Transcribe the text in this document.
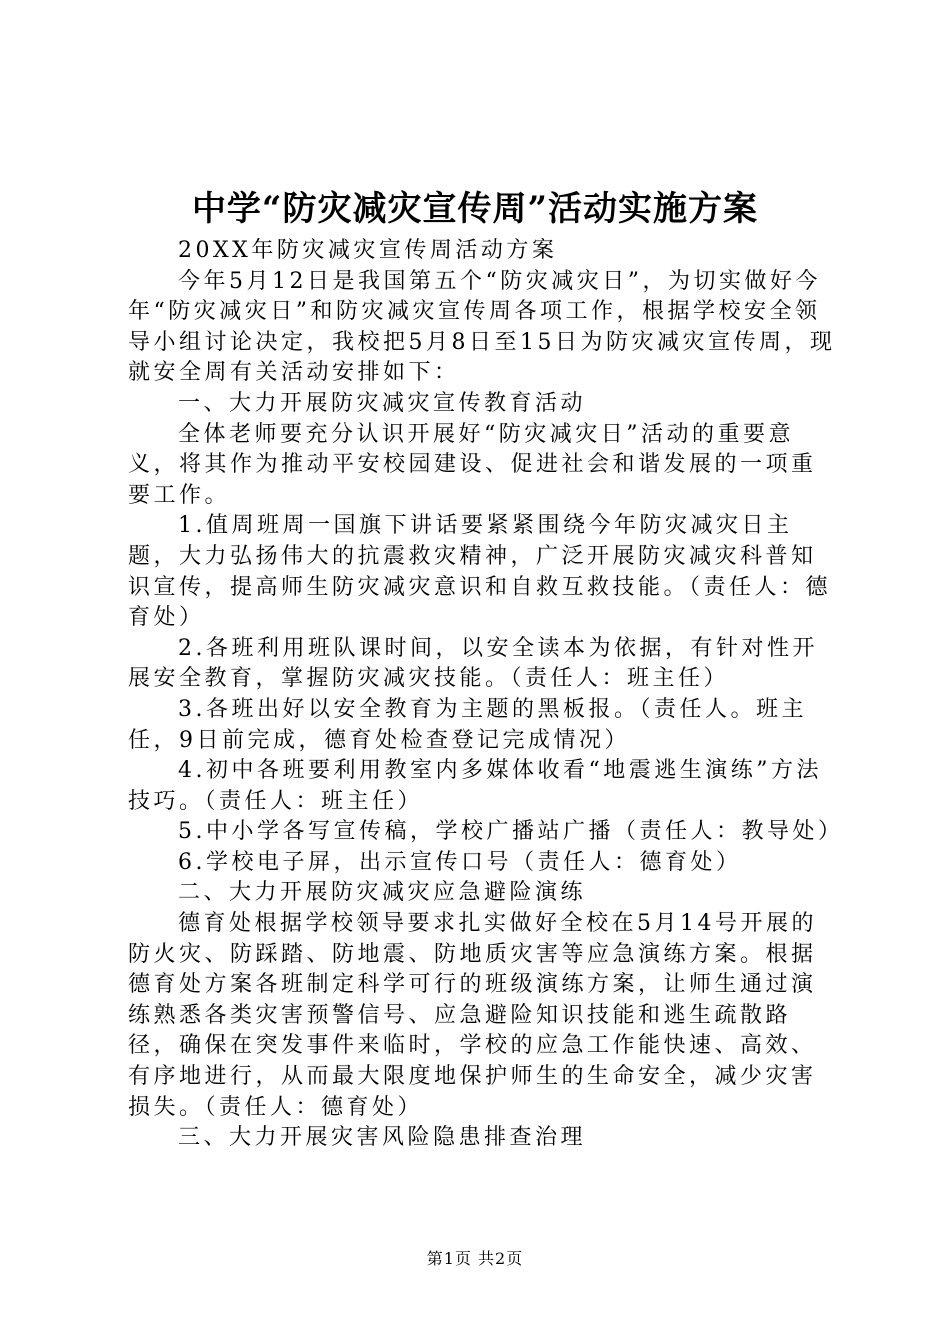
中学“防灾减灾宣传周”活动实施方案

20XX年防灾减灾宣传周活动方案

今年5月12日是我国第五个“防灾减灾日”，为切实做好今年“防灾减灾日”和防灾减灾宣传周各项工作，根据学校安全领导小组讨论决定，我校把5月8日至15日为防灾减灾宣传周，现就安全周有关活动安排如下：

一、大力开展防灾减灾宣传教育活动

全体老师要充分认识开展好“防灾减灾日”活动的重要意义，将其作为推动平安校园建设、促进社会和谐发展的一项重要工作。

1.值周班周一国旗下讲话要紧紧围绕今年防灾减灾日主题，大力弘扬伟大的抗震救灾精神，广泛开展防灾减灾科普知识宣传，提高师生防灾减灾意识和自救互救技能。（责任人：德育处）

2.各班利用班队课时间，以安全读本为依据，有针对性开展安全教育，掌握防灾减灾技能。（责任人：班主任）

3.各班出好以安全教育为主题的黑板报。（责任人。班主任，9日前完成，德育处检查登记完成情况）

4.初中各班要利用教室内多媒体收看“地震逃生演练”方法技巧。（责任人：班主任）

5.中小学各写宣传稿，学校广播站广播（责任人：教导处）

6.学校电子屏，出示宣传口号（责任人：德育处）

二、大力开展防灾减灾应急避险演练

德育处根据学校领导要求扎实做好全校在5月14号开展的防火灾、防踩踏、防地震、防地质灾害等应急演练方案。根据德育处方案各班制定科学可行的班级演练方案，让师生通过演练熟悉各类灾害预警信号、应急避险知识技能和逃生疏散路径，确保在突发事件来临时，学校的应急工作能快速、高效、有序地进行，从而最大限度地保护师生的生命安全，减少灾害损失。（责任人：德育处）

三、大力开展灾害风险隐患排查治理

第1页 共2页
